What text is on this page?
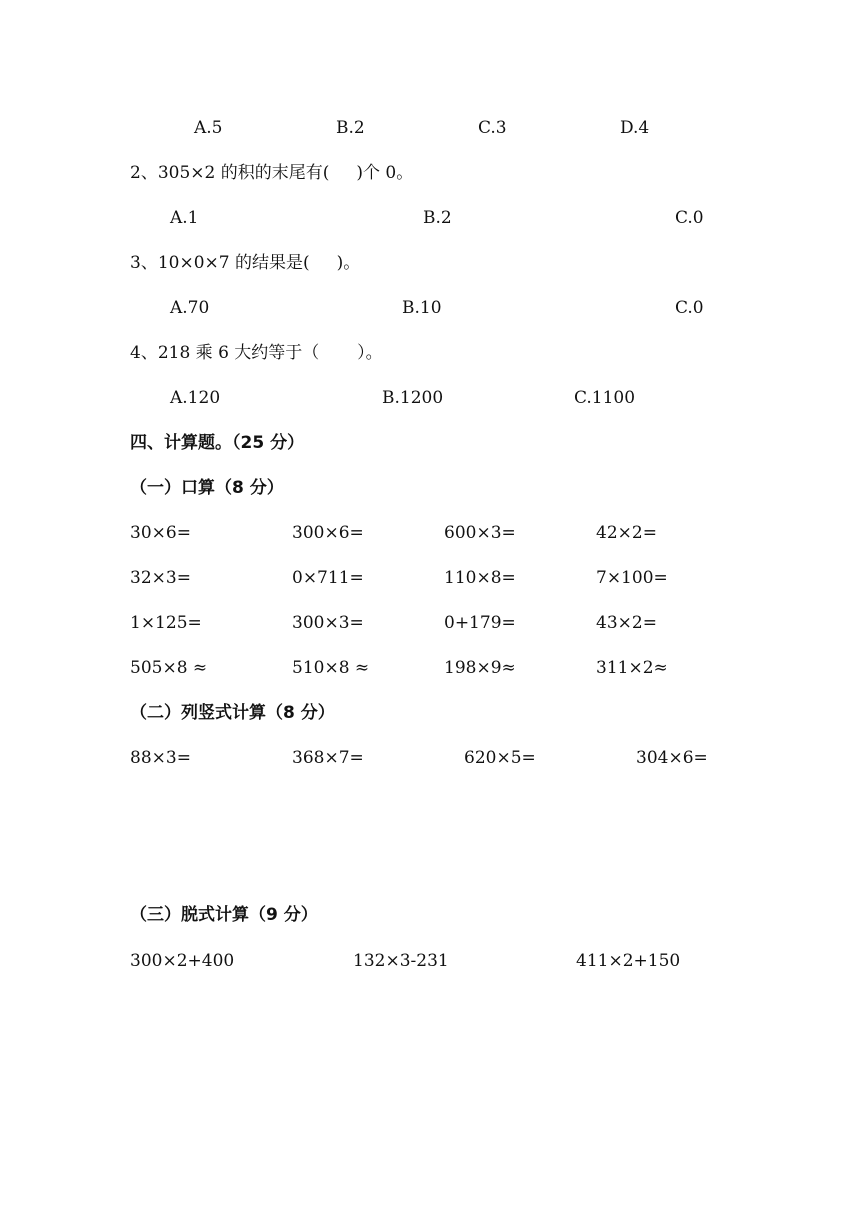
A.5	B.2	C.3	D.4
2、305×2 的积的末尾有(     )个 0。
A.1	B.2	C.0
3、10×0×7 的结果是(     )。
A.70	B.10	C.0
4、218 乘 6 大约等于（       ）。
A.120	B.1200	C.1100
四、计算题。（25 分）
（一）口算（8 分）
30×6=	300×6=	600×3=	42×2=
32×3=	0×711=	110×8=	7×100=
1×125=	300×3=	0+179=	43×2=
505×8 ≈	510×8 ≈	198×9≈	311×2≈
（二）列竖式计算（8 分）
88×3=	368×7=	620×5=	304×6=
（三）脱式计算（9 分）
300×2+400	132×3-231	411×2+150
